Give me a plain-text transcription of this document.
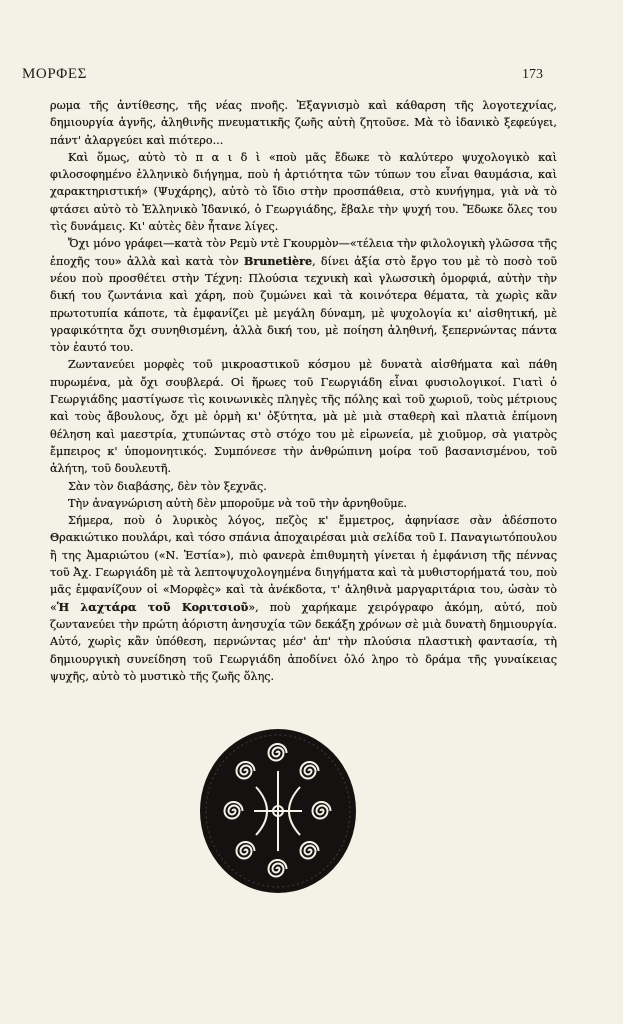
ΜΟΡΦΕΣ	173

ρωμα τῆς ἀντίθεσης, τῆς νέας πνοῆς. Ἐξαγνισμὸ καὶ κάθαρση τῆς λογοτεχνίας, δημιουργία ἁγνῆς, ἀληθινῆς πνευματικῆς ζωῆς αὐτὴ ζητοῦσε. Μὰ τὸ ἰδανικὸ ξεφεύγει, πάντ' ἀλαργεύει καὶ πιότερο...

Καὶ ὅμως, αὐτὸ τὸ π α ι δ ὶ «ποὺ μᾶς ἔδωκε τὸ καλύτερο ψυχολογικὸ καὶ φιλοσοφημένο ἑλληνικὸ διήγημα, ποὺ ἡ ἀρτιότητα τῶν τύπων του εἶναι θαυμάσια, καὶ χαρακτηριστική» (Ψυχάρης), αὐτὸ τὸ ἴδιο στὴν προσπάθεια, στὸ κυνήγημα, γιὰ νὰ τὸ φτάσει αὐτὸ τὸ Ἑλληνικὸ Ἰδανικό, ὁ Γεωργιάδης, ἔβαλε τὴν ψυχή του. Ἔδωκε ὅλες του τὶς δυνάμεις. Κι' αὐτὲς δὲν ἦτανε λίγες.

Ὄχι μόνο γράφει—κατὰ τὸν Ρεμὺ ντὲ Γκουρμὸν—«τέλεια τὴν φιλολογικὴ γλῶσσα τῆς ἐποχῆς του» ἀλλὰ καὶ κατὰ τὸν Brunetière, δίνει ἀξία στὸ ἔργο του μὲ τὸ ποσὸ τοῦ νέου ποὺ προσθέτει στὴν Τέχνη: Πλούσια τεχνικὴ καὶ γλωσσικὴ ὁμορφιά, αὐτὴν τὴν δική του ζωντάνια καὶ χάρη, ποὺ ζυμώνει καὶ τὰ κοινότερα θέματα, τὰ χωρὶς κἂν πρωτοτυπία κάποτε, τὰ ἐμφανίζει μὲ μεγάλη δύναμη, μὲ ψυχολογία κι' αἰσθητική, μὲ γραφικότητα ὄχι συνηθισμένη, ἀλλὰ δική του, μὲ ποίηση ἀληθινή, ξεπερνώντας πάντα τὸν ἑαυτό του.

Ζωντανεύει μορφὲς τοῦ μικροαστικοῦ κόσμου μὲ δυνατὰ αἰσθήματα καὶ πάθη πυρωμένα, μὰ ὄχι σουβλερά. Οἱ ἥρωες τοῦ Γεωργιάδη εἶναι φυσιολογικοί. Γιατὶ ὁ Γεωργιάδης μαστίγωσε τὶς κοινωνικὲς πληγὲς τῆς πόλης καὶ τοῦ χωριοῦ, τοὺς μέτριους καὶ τοὺς ἄβουλους, ὄχι μὲ ὁρμὴ κι' ὀξύτητα, μὰ μὲ μιὰ σταθερὴ καὶ πλατιὰ ἐπίμονη θέληση καὶ μαεστρία, χτυπώντας στὸ στόχο του μὲ εἰρωνεία, μὲ χιοῦμορ, σὰ γιατρὸς ἔμπειρος κ' ὑπομονητικός. Συμπόνεσε τὴν ἀνθρώπινη μοίρα τοῦ βασανισμένου, τοῦ ἀλήτη, τοῦ δουλευτῆ.

Σὰν τὸν διαβάσης, δὲν τὸν ξεχνᾶς.

Τὴν ἀναγνώριση αὐτὴ δὲν μποροῦμε νὰ τοῦ τὴν ἀρνηθοῦμε.

Σήμερα, ποὺ ὁ λυρικὸς λόγος, πεζὸς κ' ἔμμετρος, ἀφηνίασε σὰν ἀδέσποτο Θρακιώτικο πουλάρι, καὶ τόσο σπάνια ἀποχαιρέσαι μιὰ σελίδα τοῦ Ι. Παναγιωτόπουλου ἢ της Ἀμαριώτου («Ν. Ἑστία»), πιὸ φανερὰ ἐπιθυμητὴ γίνεται ἡ ἐμφάνιση τῆς πέννας τοῦ Ἀχ. Γεωργιάδη μὲ τὰ λεπτοψυχολογημένα διηγήματα καὶ τὰ μυθιστορήματά του, ποὺ μᾶς ἐμφανίζουν οἱ «Μορφὲς» καὶ τὰ ἀνέκδοτα, τ' ἀληθινὰ μαργαριτάρια του, ὡσὰν τὸ «Ἡ λαχτάρα τοῦ Κοριτσιοῦ», ποὺ χαρήκαμε χειρόγραφο ἀκόμη, αὐτό, ποὺ ζωντανεύει τὴν πρώτη ἀόριστη ἀνησυχία τῶν δεκάξη χρόνων σὲ μιὰ δυνατὴ δημιουργία. Αὐτό, χωρὶς κἂν ὑπόθεση, περνώντας μέσ' ἀπ' τὴν πλούσια πλαστικὴ φαντασία, τὴ δημιουργικὴ συνείδηση τοῦ Γεωργιάδη ἀποδίνει ὁλό ληρο τὸ δράμα τῆς γυναίκειας ψυχῆς, αὐτὸ τὸ μυστικὸ τῆς ζωῆς ὅλης.
